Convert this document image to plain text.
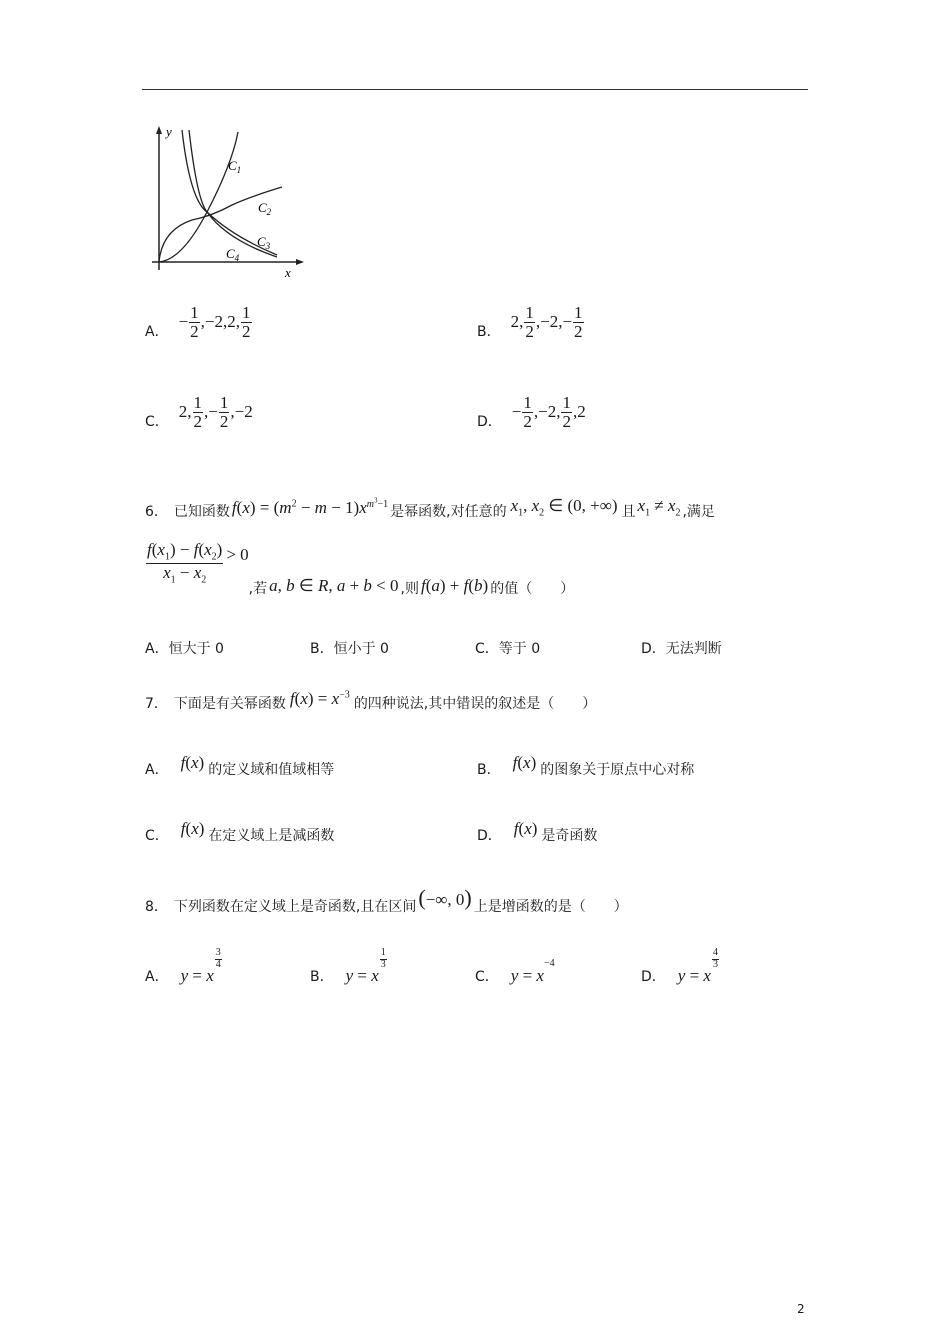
y
x
$C_1$
$C_2$
$C_3$
$C_4$
A．
− $\frac{1}{2} ,-2,2$, $\frac{1}{2}$	B．
2, $\frac{1}{2} ,-2,- \frac{1}{2}$
C．
2, $\frac{1}{2}$ ,− $\frac{1}{2} ,-2$
D．
− $\frac{1}{2} ,-2$, $\frac{1}{2} ,2$
6． 已知函数 $f(x) = (m^2 - m - 1)x^{m^3-1}$
是幂函数,对任意的 $x_1$, $x_2$ ∈ (0, +∞) 且 $x_1 \ne x_2$ ,满足
$\frac{f(x_1) - f(x_2)}{x_1 - x_2} > 0$
,若 a, b ∈ R, a + b < 0 ,则 f(a) + f(b) 的值（　　）
A．恒大于 0	B．恒小于 0	C．等于 0	D．无法判断
7． 下面是有关幂函数 $f(x) = x^{-3}$
的四种说法,其中错误的叙述是（　　）
A． f(x) 的定义域和值域相等	B． f(x) 的图象关于原点中心对称
C． f(x) 在定义域上是减函数	D． f(x) 是奇函数
8． 下列函数在定义域上是奇函数,且在区间 (−∞, 0) 上是增函数的是（　　）
A． y = x
$\frac{3}{4}$
B． y = x
$\frac{1}{3}$
C． y = x
−4
D． y = x
$\frac{4}{3}$
2
